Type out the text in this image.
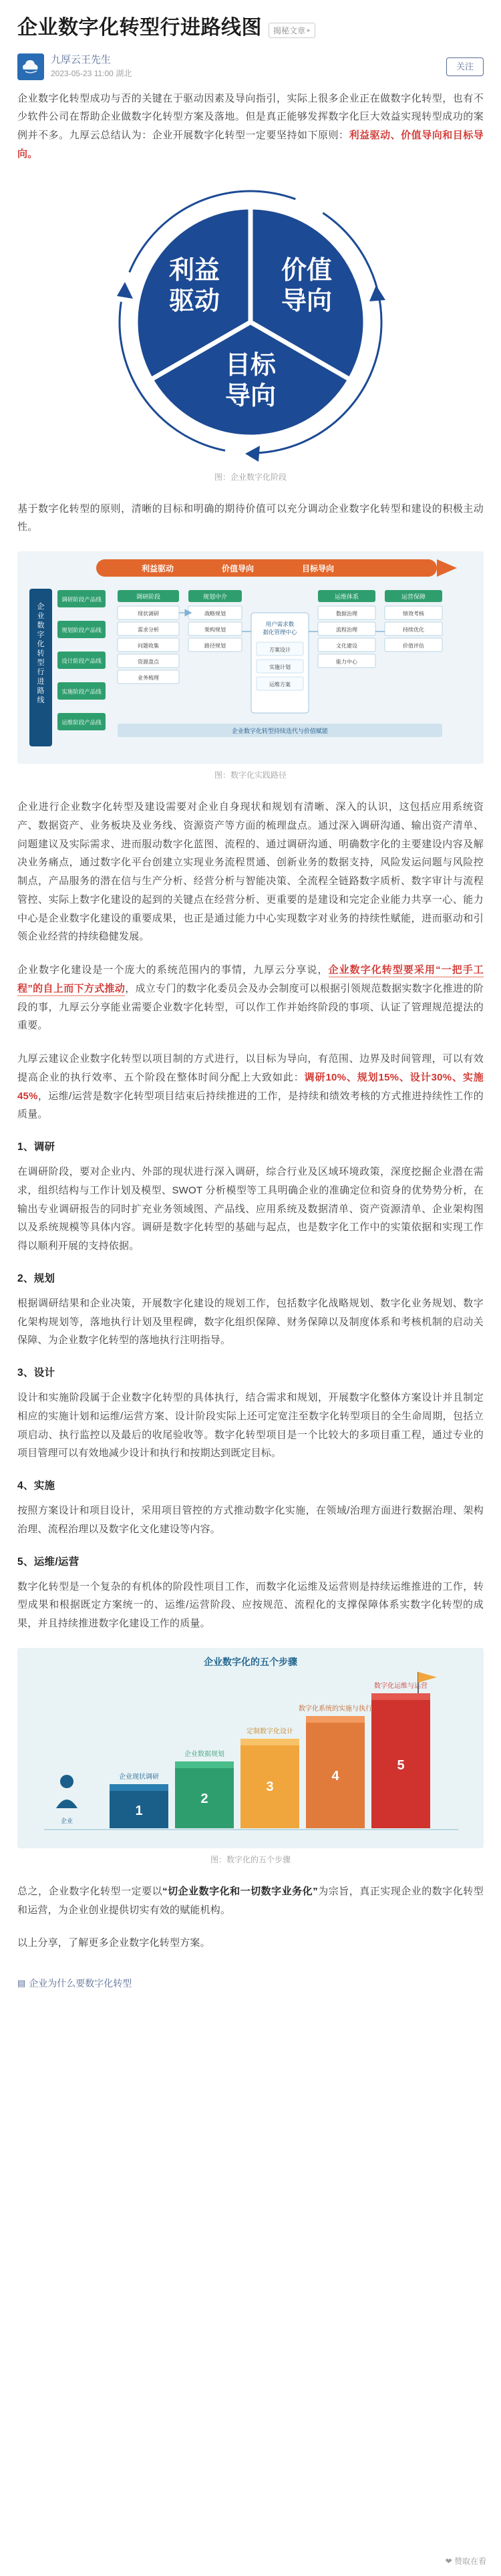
企业数字化转型行进路线图 揭秘文章 ▸
九厚云王先生
2023-05-23 11:00 湖北
关注

企业数字化转型成功与否的关键在于驱动因素及导向指引，实际上很多企业正在做数字化转型，也有不少软件公司在帮助企业做数字化转型方案及落地。但是真正能够发挥数字化巨大效益实现转型成功的案例并不多。九厚云总结认为：企业开展数字化转型一定要坚持如下原则：利益驱动、价值导向和目标导向。

利益
驱动
价值
导向
目标
导向
图：企业数字化阶段

基于数字化转型的原则，清晰的目标和明确的期待价值可以充分调动企业数字化转型和建设的积极主动性。

利益驱动	价值导向	目标导向
企
业
数
字
化
转
型
行
进
路
线
调研阶段产品线
规划阶段产品线
设计阶段产品线
实施阶段产品线
运维阶段产品线
调研阶段
现状调研
需求分析
问题收集
资源盘点
业务梳理
规划中介
战略规划
架构规划
路径规划
用户需求数
据化管理中心
方案设计
实施计划
运维方案
运维体系
数据治理
流程治理
文化建设
能力中心
运营保障
绩效考核
持续优化
价值评估
企业数字化转型持续迭代与价值赋能
图：数字化实践路径

企业进行企业数字化转型及建设需要对企业自身现状和规划有清晰、深入的认识，这包括应用系统资产、数据资产、业务板块及业务线、资源资产等方面的梳理盘点。通过深入调研沟通、输出资产清单、问题建议及实际需求、进而服动数字化蓝图、流程的、通过调研沟通、明确数字化的主要建设内容及解决业务痛点，通过数字化平台创建立实现业务流程贯通、创新业务的数据支持，风险发运问题与风险控制点，产品服务的潜在信与生产分析、经营分析与智能决策、全流程全链路数字质析、数字审计与流程管控、实际上数字化建设的起到的关键点在经营分析、更重要的是建设和完定企业能力共享一心、能力中心是企业数字化建设的重要成果，也正是通过能力中心实现数字对业务的持续性赋能，进而驱动和引领企业经营的持续稳健发展。

企业数字化建设是一个庞大的系统范围内的事情，九厚云分享说，企业数字化转型要采用“一把手工程”的自上而下方式推动，成立专门的数字化委员会及办会制度可以根据引领规范数据实数字化推进的阶段的事，九厚云分享能业需要企业数字化转型，可以作工作并始终阶段的事项、认证了管理规范提法的重要。

九厚云建议企业数字化转型以项目制的方式进行，以目标为导向，有范围、边界及时间管理，可以有效提高企业的执行效率、五个阶段在整体时间分配上大致如此：调研10%、规划15%、设计30%、实施 45%，运维/运营是数字化转型项目结束后持续推进的工作，是持续和绩效考核的方式推进持续性工作的质量。

1、调研

在调研阶段，要对企业内、外部的现状进行深入调研，综合行业及区域环境政策，深度挖掘企业潜在需求，组织结构与工作计划及模型、SWOT 分析模型等工具明确企业的准确定位和资身的优势势分析，在输出专业调研报告的同时扩充业务领域图、产品线、应用系统及数据清单、资产资源清单、企业架构图以及系统规模等具体内容。调研是数字化转型的基础与起点，也是数字化工作中的实策依据和实现工作得以顺利开展的支持依据。

2、规划

根据调研结果和企业决策，开展数字化建设的规划工作，包括数字化战略规划、数字化业务规划、数字化架构规划等，落地执行计划及里程碑，数字化组织保障、财务保障以及制度体系和考核机制的启动关保障、为企业数字化转型的落地执行注明指导。

3、设计

设计和实施阶段属于企业数字化转型的具体执行，结合需求和规划，开展数字化整体方案设计并且制定相应的实施计划和运维/运营方案、设计阶段实际上还可定宽注至数字化转型项目的全生命周期，包括立项启动、执行监控以及最后的收尾验收等。数字化转型项目是一个比较大的多项目重工程，通过专业的项目管理可以有效地减少设计和执行和按期达到既定目标。

4、实施

按照方案设计和项目设计，采用项目管控的方式推动数字化实施，在领域/治理方面进行数据治理、架构治理、流程治理以及数字化文化建设等内容。

5、运维/运营

数字化转型是一个复杂的有机体的阶段性项目工作，而数字化运维及运营则是持续运维推进的工作，转型成果和根据既定方案统一的、运维/运营阶段、应按规范、流程化的支撑保障体系实数字化转型的成果，并且持续推进数字化建设工作的质量。

企业数字化的五个步骤
1
2
3
4
5
企业现状调研
企业数据规划
定制数字化设计
数字化系统的实施与执行
数字化运维与运营
企业
图：数字化的五个步骤

总之，企业数字化转型一定要以“切企业数字化和一切数字业务化”为宗旨，真正实现企业的数字化转型和运营，为企业创业提供切实有效的赋能机构。

以上分享，了解更多企业数字化转型方案。

▤ 企业为什么要数字化转型
❤ 赞取在看
